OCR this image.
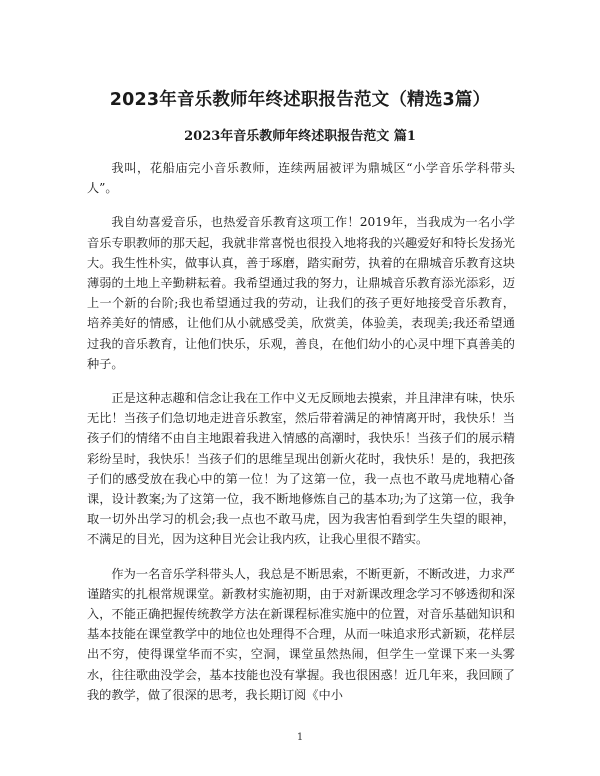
2023年音乐教师年终述职报告范文（精选3篇）
2023年音乐教师年终述职报告范文 篇1

我叫，花船庙完小音乐教师，连续两届被评为鼎城区“小学音乐学科带头人”。

我自幼喜爱音乐，也热爱音乐教育这项工作！2019年，当我成为一名小学音乐专职教师的那天起，我就非常喜悦也很投入地将我的兴趣爱好和特长发扬光大。我生性朴实，做事认真，善于琢磨，踏实耐劳，执着的在鼎城音乐教育这块薄弱的土地上辛勤耕耘着。我希望通过我的努力，让鼎城音乐教育添光添彩，迈上一个新的台阶;我也希望通过我的劳动，让我们的孩子更好地接受音乐教育，培养美好的情感，让他们从小就感受美，欣赏美，体验美，表现美;我还希望通过我的音乐教育，让他们快乐，乐观，善良，在他们幼小的心灵中埋下真善美的种子。

正是这种志趣和信念让我在工作中义无反顾地去摸索，并且津津有味，快乐无比！当孩子们急切地走进音乐教室，然后带着满足的神情离开时，我快乐！当孩子们的情绪不由自主地跟着我进入情感的高潮时，我快乐！当孩子们的展示精彩纷呈时，我快乐！当孩子们的思维呈现出创新火花时，我快乐！是的，我把孩子们的感受放在我心中的第一位！为了这第一位，我一点也不敢马虎地精心备课，设计教案;为了这第一位，我不断地修炼自己的基本功;为了这第一位，我争取一切外出学习的机会;我一点也不敢马虎，因为我害怕看到学生失望的眼神，不满足的目光，因为这种目光会让我内疚，让我心里很不踏实。

作为一名音乐学科带头人，我总是不断思索，不断更新，不断改进，力求严谨踏实的扎根常规课堂。新教材实施初期，由于对新课改理念学习不够透彻和深入，不能正确把握传统教学方法在新课程标准实施中的位置，对音乐基础知识和基本技能在课堂教学中的地位也处理得不合理，从而一味追求形式新颖，花样层出不穷，使得课堂华而不实，空洞，课堂虽然热闹，但学生一堂课下来一头雾水，往往歌曲没学会，基本技能也没有掌握。我也很困惑！近几年来，我回顾了我的教学，做了很深的思考，我长期订阅《中小

1
